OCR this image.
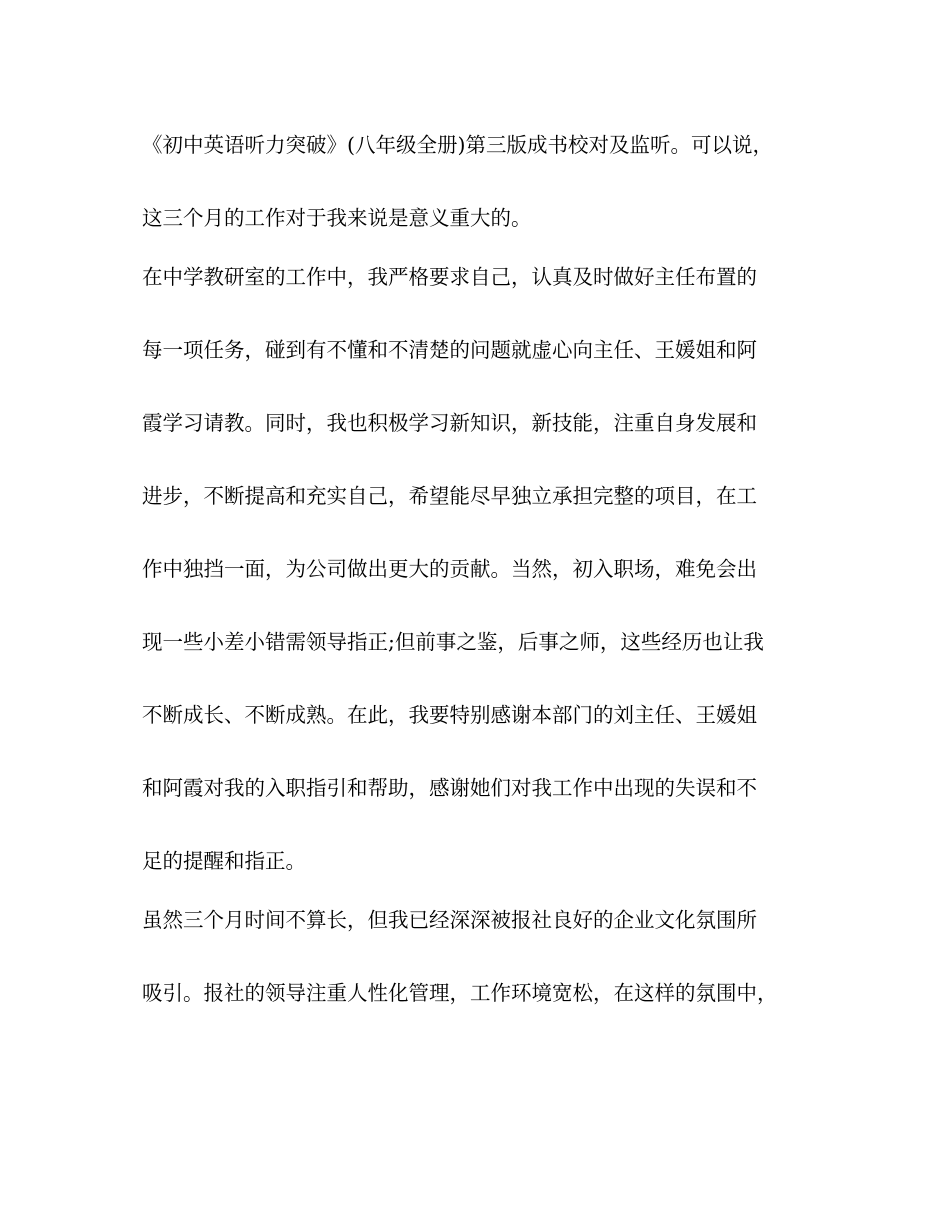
《初中英语听力突破》(八年级全册)第三版成书校对及监听。可以说，
这三个月的工作对于我来说是意义重大的。
在中学教研室的工作中，我严格要求自己，认真及时做好主任布置的
每一项任务，碰到有不懂和不清楚的问题就虚心向主任、王媛姐和阿
霞学习请教。同时，我也积极学习新知识，新技能，注重自身发展和
进步，不断提高和充实自己，希望能尽早独立承担完整的项目，在工
作中独挡一面，为公司做出更大的贡献。当然，初入职场，难免会出
现一些小差小错需领导指正;但前事之鉴，后事之师，这些经历也让我
不断成长、不断成熟。在此，我要特别感谢本部门的刘主任、王媛姐
和阿霞对我的入职指引和帮助，感谢她们对我工作中出现的失误和不
足的提醒和指正。
虽然三个月时间不算长，但我已经深深被报社良好的企业文化氛围所
吸引。报社的领导注重人性化管理，工作环境宽松，在这样的氛围中，
